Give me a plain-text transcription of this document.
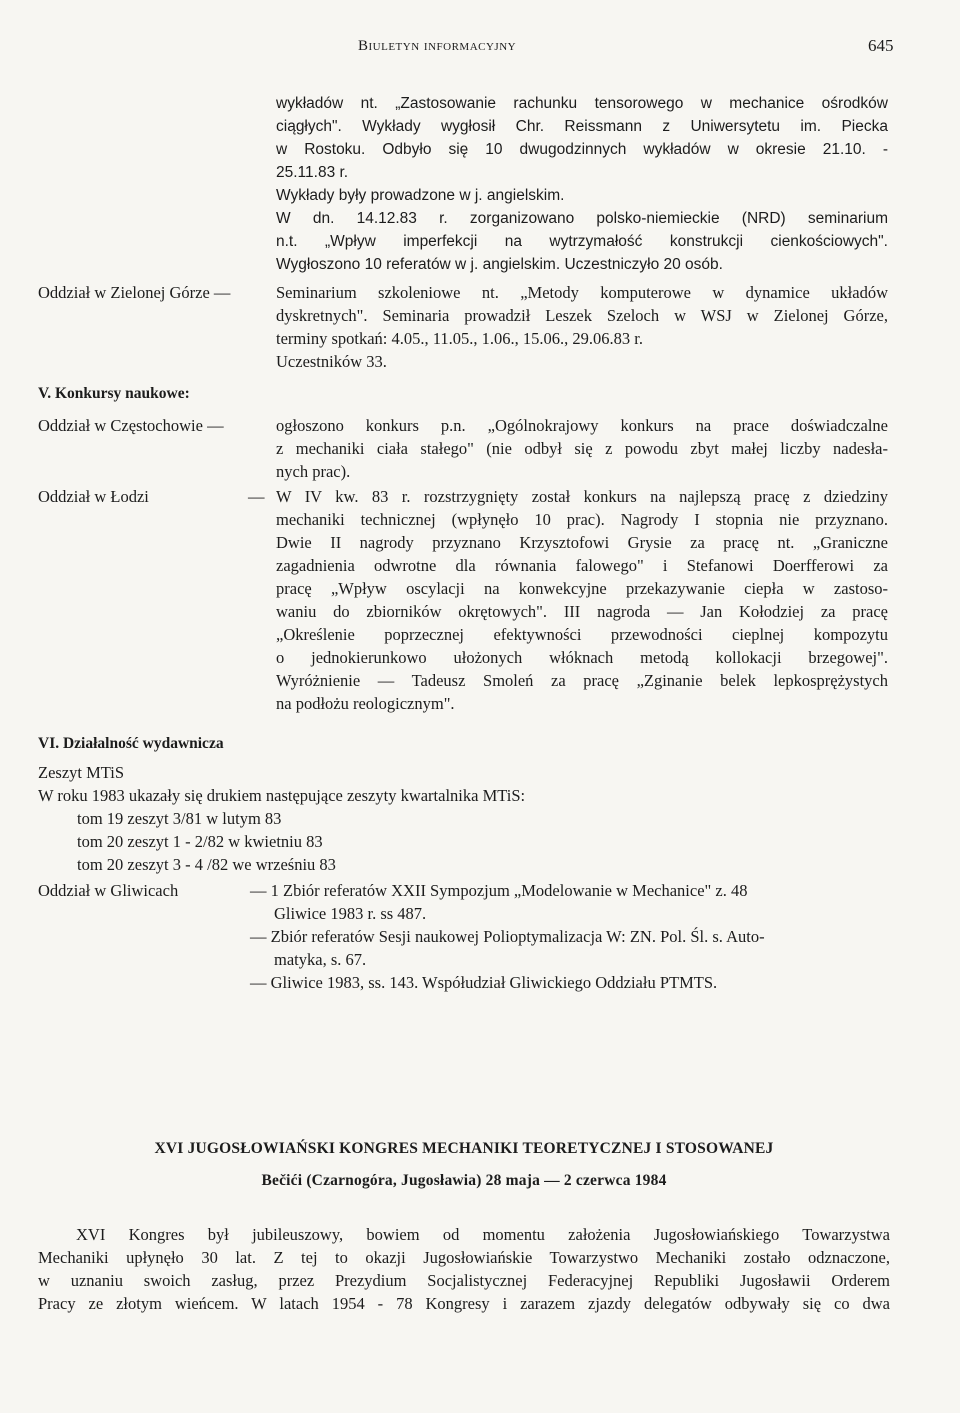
Biuletyn informacyjny	645
wykładów nt. „Zastosowanie rachunku tensorowego w mechanice ośrodków
ciągłych". Wykłady wygłosił Chr. Reissmann z Uniwersytetu im. Piecka
w Rostoku. Odbyło się 10 dwugodzinnych wykładów w okresie 21.10. -
25.11.83 r.
Wykłady były prowadzone w j. angielskim.
W dn. 14.12.83 r. zorganizowano polsko-niemieckie (NRD) seminarium
n.t. „Wpływ imperfekcji na wytrzymałość konstrukcji cienkościowych".
Wygłoszono 10 referatów w j. angielskim. Uczestniczyło 20 osób.
Oddział w Zielonej Górze —	Seminarium szkoleniowe nt. „Metody komputerowe w dynamice układów
dyskretnych". Seminaria prowadził Leszek Szeloch w WSJ w Zielonej Górze,
terminy spotkań: 4.05., 11.05., 1.06., 15.06., 29.06.83 r.
Uczestników 33.
V. Konkursy naukowe:
Oddział w Częstochowie —	ogłoszono konkurs p.n. „Ogólnokrajowy konkurs na prace doświadczalne
z mechaniki ciała stałego" (nie odbył się z powodu zbyt małej liczby nadesła-
nych prac).
Oddział w Łodzi	— W IV kw. 83 r. rozstrzygnięty został konkurs na najlepszą pracę z dziedziny
mechaniki technicznej (wpłynęło 10 prac). Nagrody I stopnia nie przyznano.
Dwie II nagrody przyznano Krzysztofowi Grysie za pracę nt. „Graniczne
zagadnienia odwrotne dla równania falowego" i Stefanowi Doerfferowi za
pracę „Wpływ oscylacji na konwekcyjne przekazywanie ciepła w zastoso-
waniu do zbiorników okrętowych". III nagroda — Jan Kołodziej za pracę
„Określenie poprzecznej efektywności przewodności cieplnej kompozytu
o jednokierunkowo ułożonych włóknach metodą kollokacji brzegowej".
Wyróżnienie — Tadeusz Smoleń za pracę „Zginanie belek lepkosprężystych
na podłożu reologicznym".
VI. Działalność wydawnicza
Zeszyt MTiS
W roku 1983 ukazały się drukiem następujące zeszyty kwartalnika MTiS:
tom 19 zeszyt 3/81 w lutym 83
tom 20 zeszyt 1 - 2/82 w kwietniu 83
tom 20 zeszyt 3 - 4 /82 we wrześniu 83
Oddział w Gliwicach	— 1 Zbiór referatów XXII Sympozjum „Modelowanie w Mechanice" z. 48
Gliwice 1983 r. ss 487.
— Zbiór referatów Sesji naukowej Polioptymalizacja W: ZN. Pol. Śl. s. Auto-
matyka, s. 67.
— Gliwice 1983, ss. 143. Współudział Gliwickiego Oddziału PTMTS.
XVI JUGOSŁOWIAŃSKI KONGRES MECHANIKI TEORETYCZNEJ I STOSOWANEJ
Bečići (Czarnogóra, Jugosławia) 28 maja — 2 czerwca 1984
XVI Kongres był jubileuszowy, bowiem od momentu założenia Jugosłowiańskiego Towarzystwa
Mechaniki upłynęło 30 lat. Z tej to okazji Jugosłowiańskie Towarzystwo Mechaniki zostało odznaczone,
w uznaniu swoich zasług, przez Prezydium Socjalistycznej Federacyjnej Republiki Jugosławii Orderem
Pracy ze złotym wieńcem. W latach 1954 - 78 Kongresy i zarazem zjazdy delegatów odbywały się co dwa
